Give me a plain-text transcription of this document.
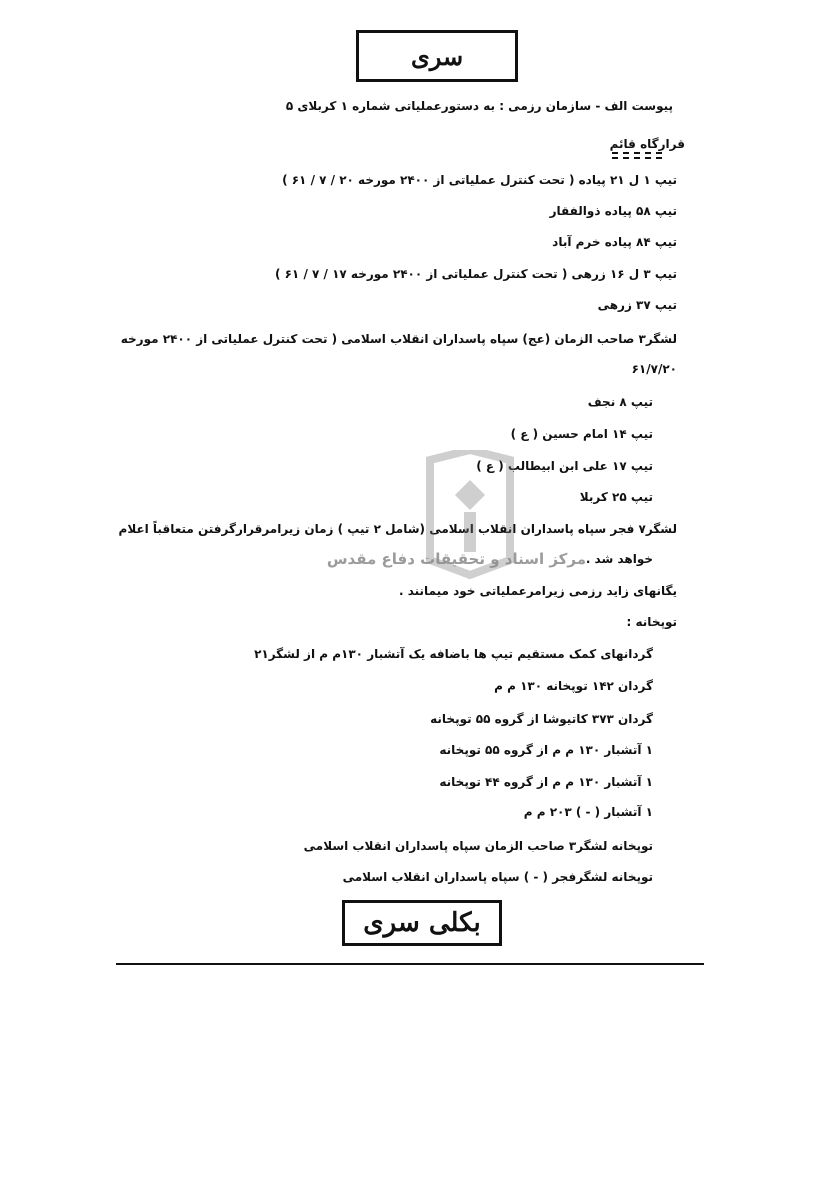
سری
پیوست الف - سازمان رزمی : به دستورعملیاتی شماره ۱ کربلای ۵
قرارگاه قائم
تیپ ۱ ل ۲۱ پیاده ( تحت کنترل عملیاتی از ۲۴۰۰ مورخه ۲۰ / ۷ / ۶۱ )
تیپ ۵۸ پیاده ذوالفقار
تیپ ۸۴ پیاده خرم آباد
تیپ ۳ ل ۱۶ زرهی ( تحت کنترل عملیاتی از ۲۴۰۰ مورخه ۱۷ / ۷ / ۶۱ )
تیپ ۳۷ زرهی
لشگر۳ صاحب الزمان (عج) سپاه پاسداران انقلاب اسلامی ( تحت کنترل عملیاتی از ۲۴۰۰ مورخه
۶۱/۷/۲۰
تیپ ۸ نجف
تیپ ۱۴ امام حسین ( ع )
تیپ ۱۷ علی ابن ابیطالب ( ع )
تیپ ۲۵ کربلا
لشگر۷ فجر سپاه پاسداران انقلاب اسلامی (شامل ۲ تیپ ) زمان زیرامرقرارگرفتن متعاقباً اعلام
خواهد شد .
یگانهای زاید رزمی زیرامرعملیاتی خود میمانند .
توپخانه :
گردانهای کمک مستقیم تیپ ها باضافه یک آتشبار ۱۳۰م م از لشگر۲۱
گردان ۱۴۲ توپخانه ۱۳۰ م م
گردان ۳۷۳ کاتیوشا از گروه ۵۵ توپخانه
۱ آتشبار ۱۳۰ م م از گروه ۵۵ توپخانه
۱ آتشبار ۱۳۰ م م از گروه ۴۴ توپخانه
۱ آتشبار ( - ) ۲۰۳ م م
توپخانه لشگر۳ صاحب الزمان سپاه پاسداران انقلاب اسلامی
توپخانه لشگرفجر ( - ) سپاه پاسداران انقلاب اسلامی
بکلی سری
مرکز اسناد و تحقیقات دفاع مقدس
